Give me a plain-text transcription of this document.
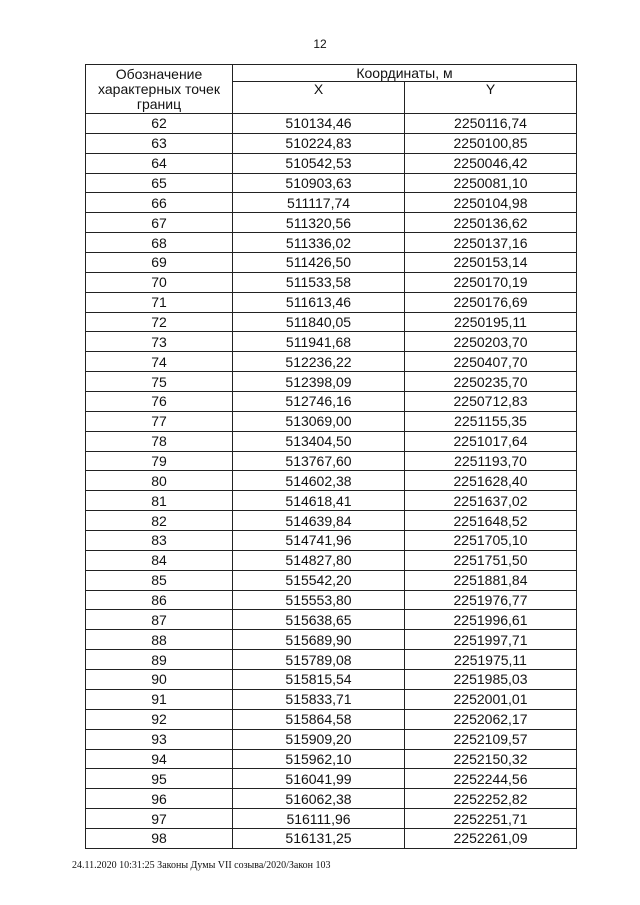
12
Обозначение характерных точек границ	Координаты, м	
	X	Y
62	510134,46	2250116,74
63	510224,83	2250100,85
64	510542,53	2250046,42
65	510903,63	2250081,10
66	511117,74	2250104,98
67	511320,56	2250136,62
68	511336,02	2250137,16
69	511426,50	2250153,14
70	511533,58	2250170,19
71	511613,46	2250176,69
72	511840,05	2250195,11
73	511941,68	2250203,70
74	512236,22	2250407,70
75	512398,09	2250235,70
76	512746,16	2250712,83
77	513069,00	2251155,35
78	513404,50	2251017,64
79	513767,60	2251193,70
80	514602,38	2251628,40
81	514618,41	2251637,02
82	514639,84	2251648,52
83	514741,96	2251705,10
84	514827,80	2251751,50
85	515542,20	2251881,84
86	515553,80	2251976,77
87	515638,65	2251996,61
88	515689,90	2251997,71
89	515789,08	2251975,11
90	515815,54	2251985,03
91	515833,71	2252001,01
92	515864,58	2252062,17
93	515909,20	2252109,57
94	515962,10	2252150,32
95	516041,99	2252244,56
96	516062,38	2252252,82
97	516111,96	2252251,71
98	516131,25	2252261,09
24.11.2020 10:31:25 Законы Думы VII созыва/2020/Закон 103
